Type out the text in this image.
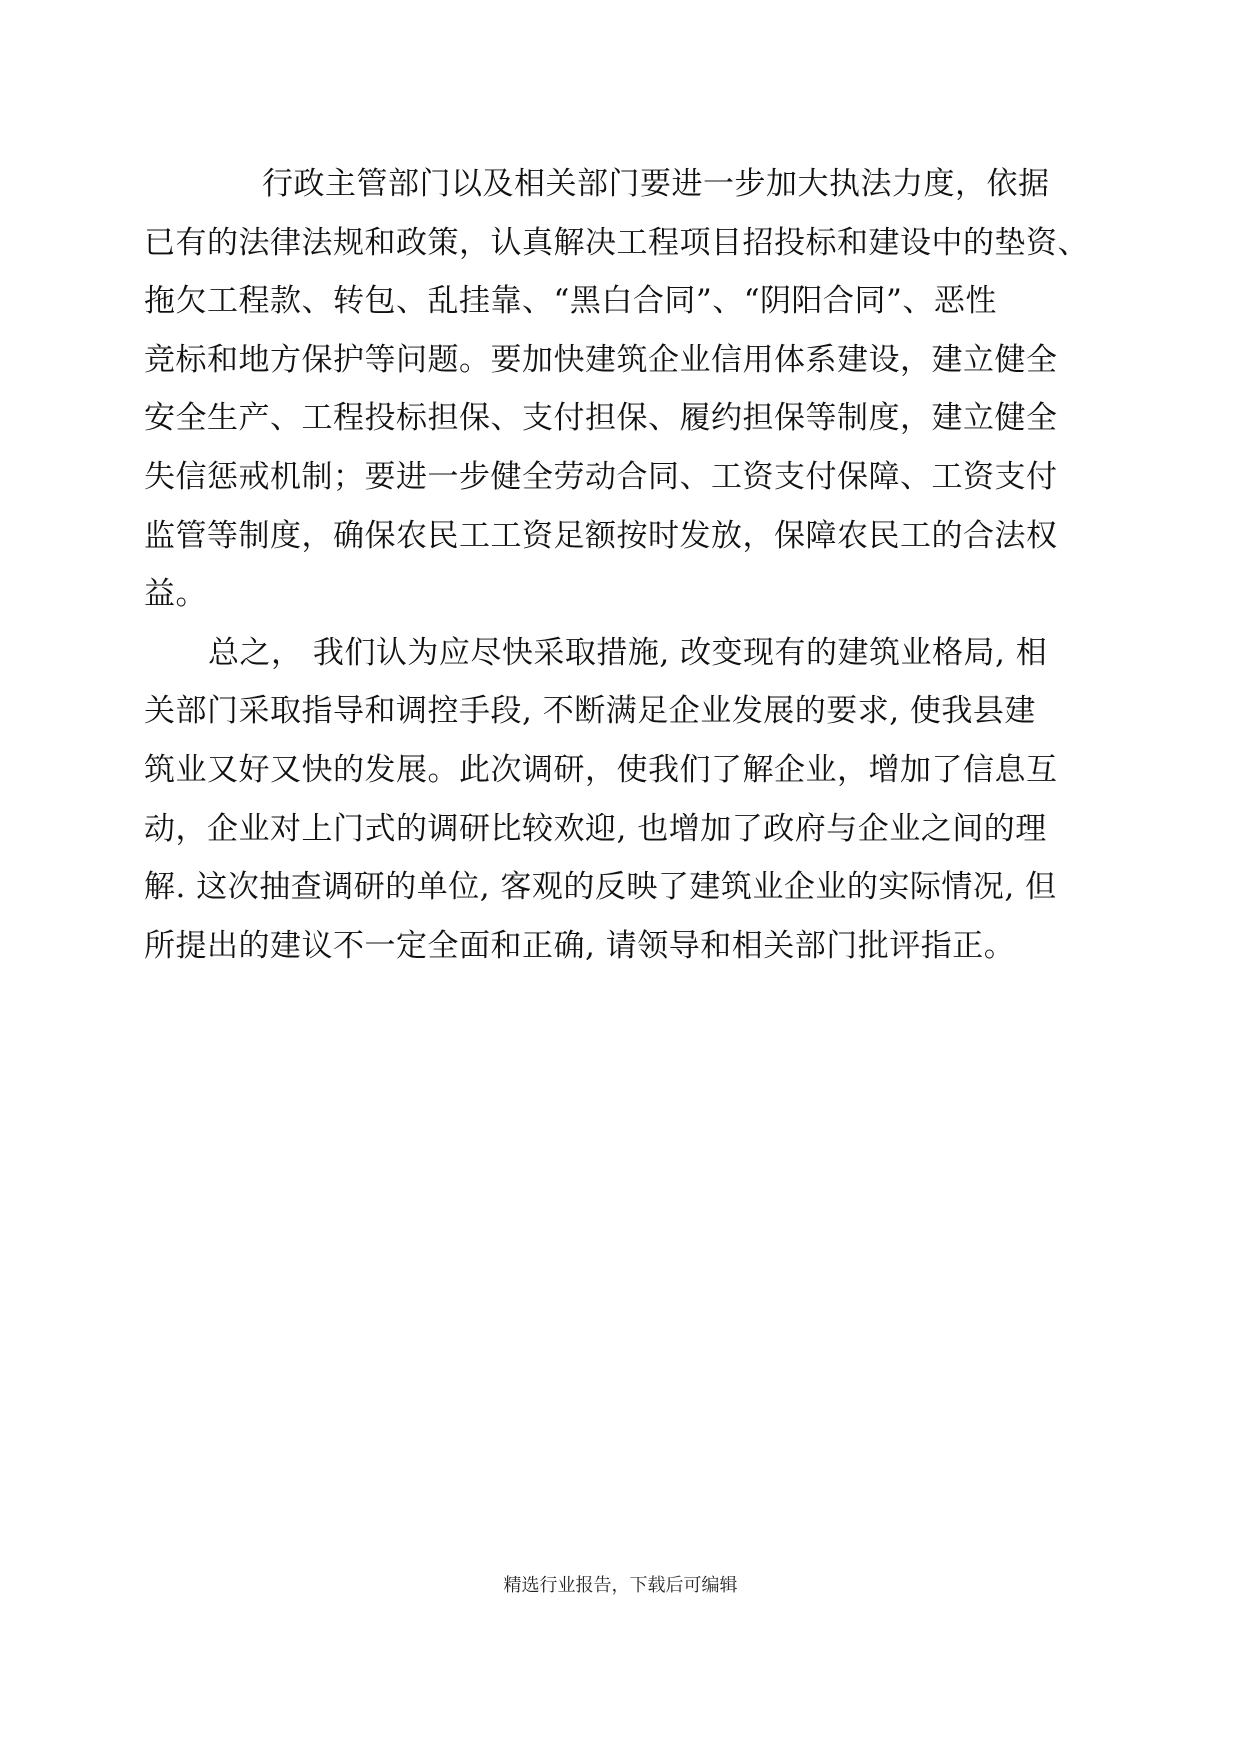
行政主管部门以及相关部门要进一步加大执法力度，依据
已有的法律法规和政策，认真解决工程项目招投标和建设中的垫资、
拖欠工程款、转包、乱挂靠、“黑白合同”、“阴阳合同”、恶性
竞标和地方保护等问题。要加快建筑企业信用体系建设，建立健全
安全生产、工程投标担保、支付担保、履约担保等制度，建立健全
失信惩戒机制；要进一步健全劳动合同、工资支付保障、工资支付
监管等制度，确保农民工工资足额按时发放，保障农民工的合法权
益。
总之， 我们认为应尽快采取措施, 改变现有的建筑业格局, 相
关部门采取指导和调控手段, 不断满足企业发展的要求, 使我县建
筑业又好又快的发展。此次调研，使我们了解企业，增加了信息互
动，企业对上门式的调研比较欢迎, 也增加了政府与企业之间的理
解. 这次抽查调研的单位, 客观的反映了建筑业企业的实际情况, 但
所提出的建议不一定全面和正确, 请领导和相关部门批评指正。
精选行业报告，下载后可编辑
